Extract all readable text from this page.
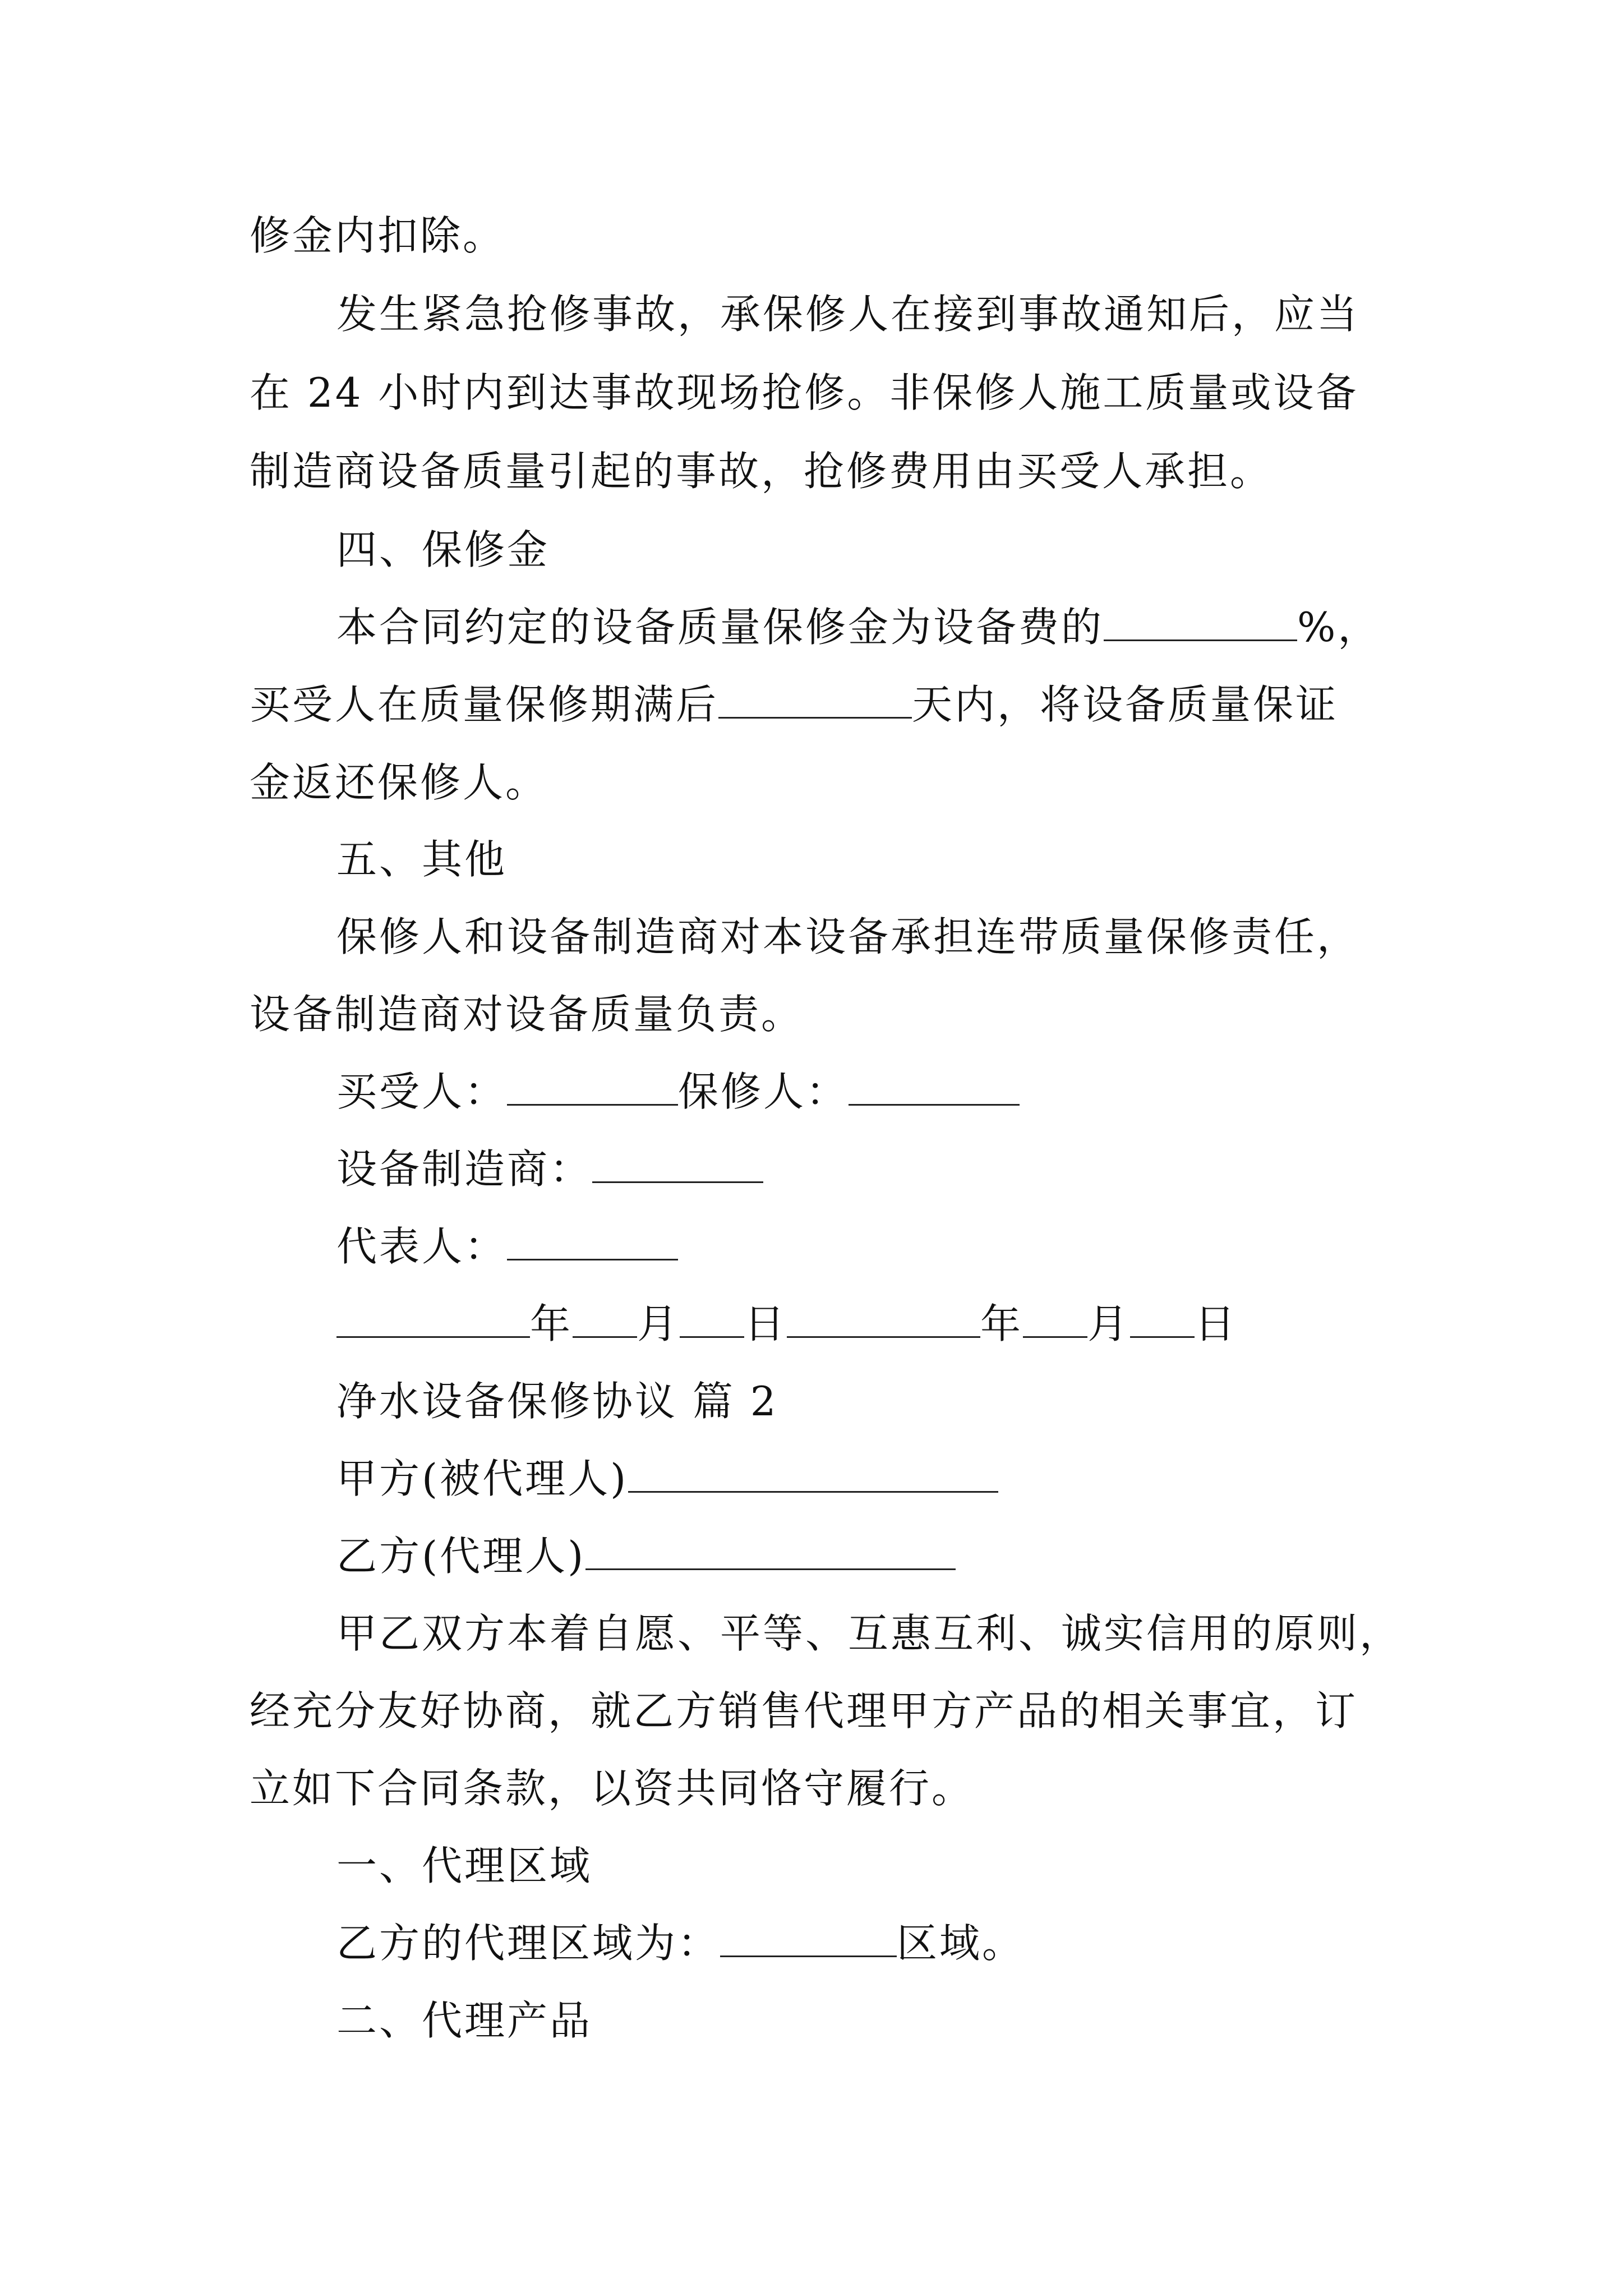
修金内扣除。
发生紧急抢修事故，承保修人在接到事故通知后，应当
在 24 小时内到达事故现场抢修。非保修人施工质量或设备
制造商设备质量引起的事故，抢修费用由买受人承担。
四、保修金
本合同约定的设备质量保修金为设备费的	%，
买受人在质量保修期满后	天内，将设备质量保证
金返还保修人。
五、其他
保修人和设备制造商对本设备承担连带质量保修责任，
设备制造商对设备质量负责。
买受人：	保修人：
设备制造商：
代表人：
年 月 日	年 月 日
净水设备保修协议 篇 2
甲方(被代理人)
乙方(代理人)
甲乙双方本着自愿、平等、互惠互利、诚实信用的原则，
经充分友好协商，就乙方销售代理甲方产品的相关事宜，订
立如下合同条款，以资共同恪守履行。
一、代理区域
乙方的代理区域为：	区域。
二、代理产品
